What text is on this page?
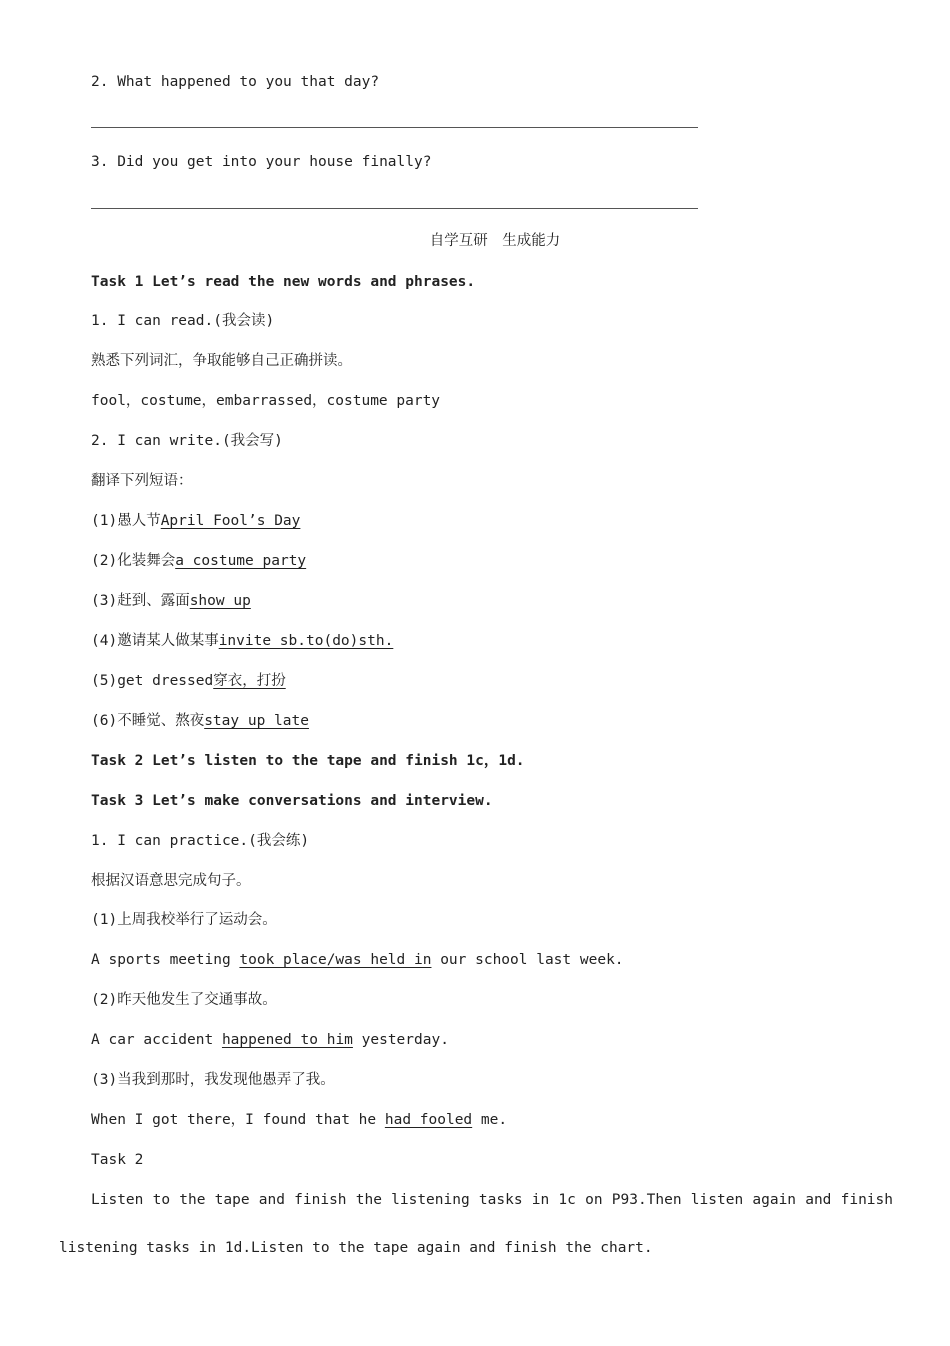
2. What happened to you that day?
3. Did you get into your house finally?
自学互研　生成能力
Task 1 Let’s read the new words and phrases.
1. I can read.(我会读)
熟悉下列词汇，争取能够自己正确拼读。
fool，costume，embarrassed，costume party
2. I can write.(我会写)
翻译下列短语：
(1)愚人节April Fool’s Day
(2)化装舞会a costume party
(3)赶到、露面show up
(4)邀请某人做某事invite sb.to(do)sth.
(5)get dressed穿衣，打扮
(6)不睡觉、熬夜stay up late
Task 2 Let’s listen to the tape and finish 1c，1d.
Task 3 Let’s make conversations and interview.
1. I can practice.(我会练)
根据汉语意思完成句子。
(1)上周我校举行了运动会。
A sports meeting took place/was held in our school last week.
(2)昨天他发生了交通事故。
A car accident happened to him yesterday.
(3)当我到那时，我发现他愚弄了我。
When I got there，I found that he had fooled me.
Task 2
Listen to the tape and finish the listening tasks in 1c on P93.Then listen again and finish listening tasks in 1d.Listen to the tape again and finish the chart.
